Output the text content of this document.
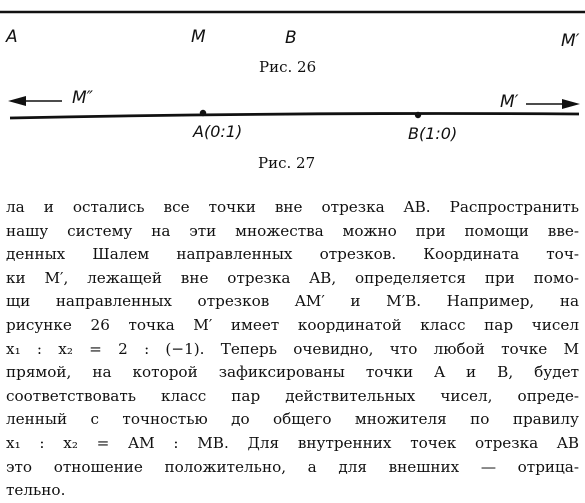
A	M	B	M′
Рис. 26
M″	M′
A(0:1)	B(1:0)
Рис. 27
ла и остались все точки вне отрезка AB. Распространить
нашу систему на эти множества можно при помощи вве-
денных Шалем направленных отрезков. Координата точ-
ки M′, лежащей вне отрезка AB, определяется при помо-
щи направленных отрезков AM′ и M′B. Например, на
рисунке 26 точка M′ имеет координатой класс пар чисел
x₁ : x₂ = 2 : (−1). Теперь очевидно, что любой точке M
прямой, на которой зафиксированы точки A и B, будет
соответствовать класс пар действительных чисел, опреде-
ленный с точностью до общего множителя по правилу
x₁ : x₂ = AM : MB. Для внутренних точек отрезка AB
это отношение положительно, а для внешних — отрица-
тельно.
